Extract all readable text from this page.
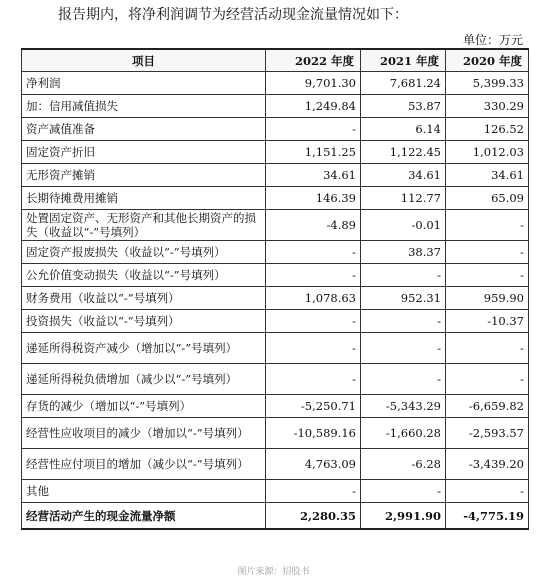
报告期内，将净利润调节为经营活动现金流量情况如下：
单位：万元
项目	2022 年度	2021 年度	2020 年度
净利润	9,701.30	7,681.24	5,399.33
加：信用减值损失	1,249.84	53.87	330.29
资产减值准备	-	6.14	126.52
固定资产折旧	1,151.25	1,122.45	1,012.03
无形资产摊销	34.61	34.61	34.61
长期待摊费用摊销	146.39	112.77	65.09
处置固定资产、无形资产和其他长期资产的损失（收益以“-”号填列）	-4.89	-0.01	-
固定资产报废损失（收益以“-”号填列）	-	38.37	-
公允价值变动损失（收益以“-”号填列）	-	-	-
财务费用（收益以“-”号填列）	1,078.63	952.31	959.90
投资损失（收益以“-”号填列）	-	-	-10.37
递延所得税资产减少（增加以“-”号填列）	-	-	-
递延所得税负债增加（减少以“-”号填列）	-	-	-
存货的减少（增加以“-”号填列）	-5,250.71	-5,343.29	-6,659.82
经营性应收项目的减少（增加以“-”号填列）	-10,589.16	-1,660.28	-2,593.57
经营性应付项目的增加（减少以“-”号填列）	4,763.09	-6.28	-3,439.20
其他	-	-	-
经营活动产生的现金流量净额	2,280.35	2,991.90	-4,775.19
图片来源：招股书
